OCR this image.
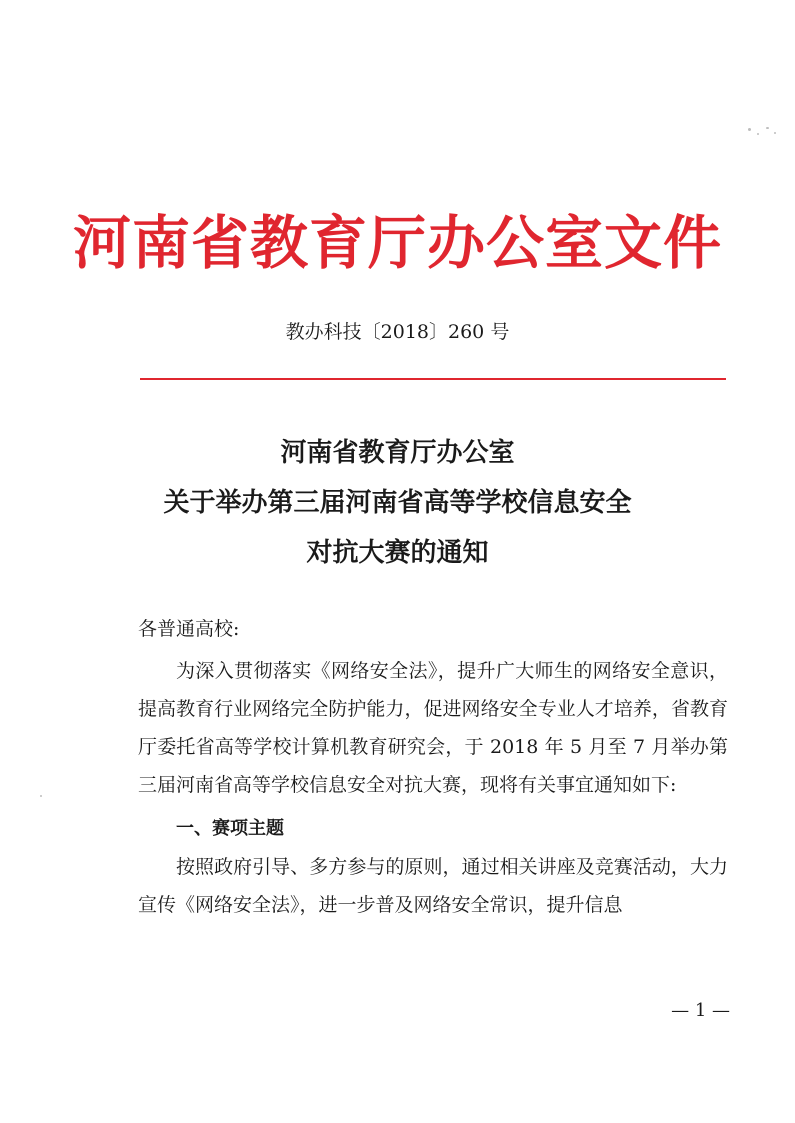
河南省教育厅办公室文件
教办科技〔2018〕260 号
河南省教育厅办公室
关于举办第三届河南省高等学校信息安全
对抗大赛的通知

各普通高校:

为深入贯彻落实《网络安全法》，提升广大师生的网络安全意识，提高教育行业网络完全防护能力，促进网络安全专业人才培养，省教育厅委托省高等学校计算机教育研究会，于 2018 年 5 月至 7 月举办第三届河南省高等学校信息安全对抗大赛，现将有关事宜通知如下:

一、赛项主题

按照政府引导、多方参与的原则，通过相关讲座及竞赛活动，大力宣传《网络安全法》，进一步普及网络安全常识，提升信息

— 1 —
